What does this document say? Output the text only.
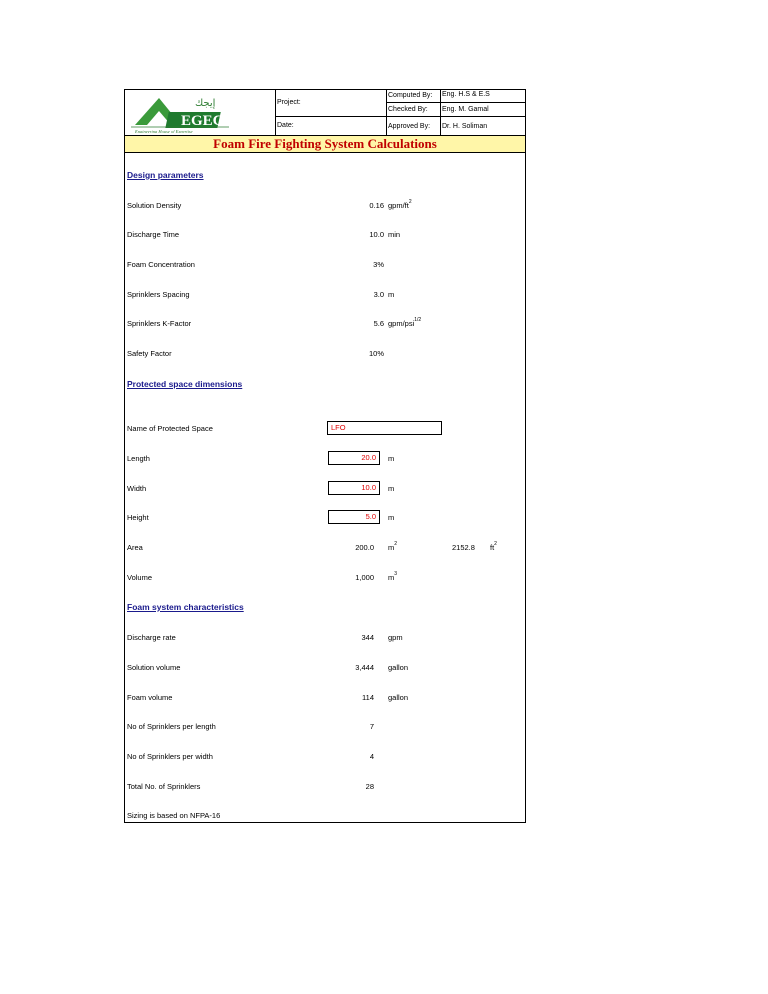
EGEC
إيجك
Engineering House of Expertise
Project:
Date:
Computed By: Eng. H.S & E.S
Checked By: Eng. M. Gamal
Approved By: Dr. H. Soliman
Foam Fire Fighting System Calculations
Design parameters
Solution Density	0.16 gpm/$ft^2$
Discharge Time	10.0 min
Foam Concentration	3%
Sprinklers Spacing	3.0 m
Sprinklers K-Factor	5.6 gpm/psi$^{1/2}$
Safety Factor	10%
Protected space dimensions
Name of Protected Space	LFO
Length	20.0	m
Width	10.0	m
Height	5.0	m
Area	200.0 $m^2$	2152.8 $ft^2$
Volume	1,000 $m^3$
Foam system characteristics
Discharge rate	344 gpm
Solution volume	3,444 gallon
Foam volume	114 gallon
No of Sprinklers per length	7
No of Sprinklers per width	4
Total No. of Sprinklers	28
Sizing is based on NFPA-16
